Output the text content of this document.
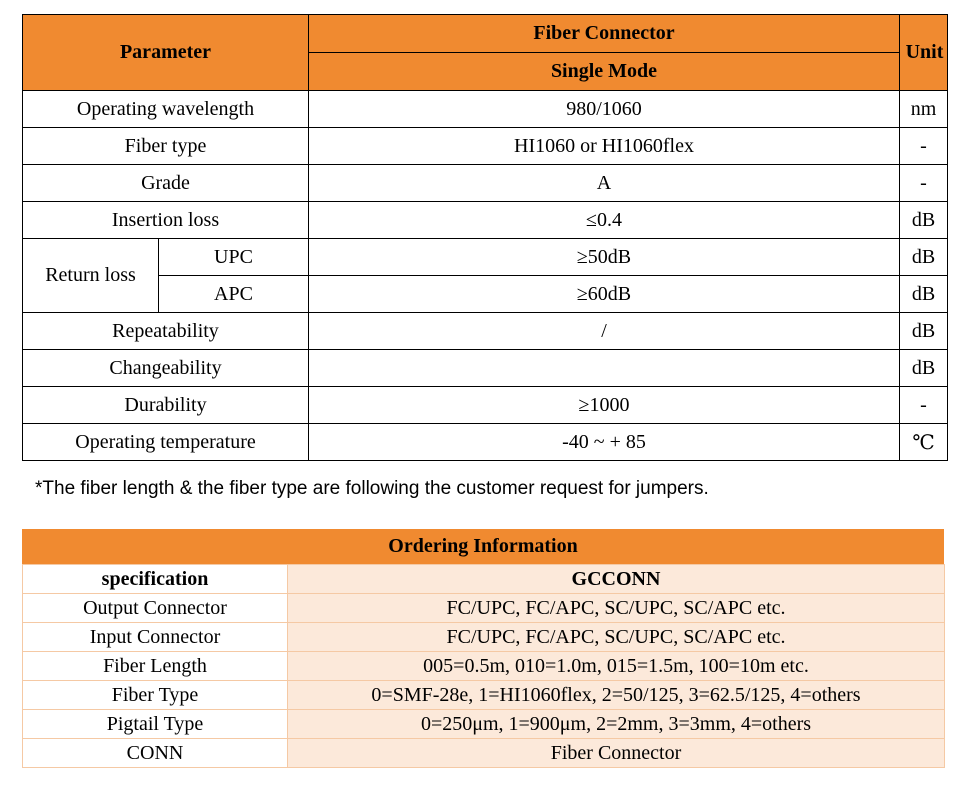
Parameter		Fiber Connector	Unit
		Single Mode	
Operating wavelength		980/1060	nm
Fiber type		HI1060 or HI1060flex	-
Grade		A	-
Insertion loss		≤0.4	dB
Return loss	UPC	≥50dB	dB
	APC	≥60dB	dB
Repeatability		/	dB
Changeability			dB
Durability		≥1000	-
Operating temperature		-40 ~ + 85	℃
*The fiber length & the fiber type are following the customer request for jumpers.
Ordering Information
specification	GCCONN
Output Connector	FC/UPC, FC/APC, SC/UPC, SC/APC etc.
Input Connector	FC/UPC, FC/APC, SC/UPC, SC/APC etc.
Fiber Length	005=0.5m, 010=1.0m, 015=1.5m, 100=10m etc.
Fiber Type	0=SMF-28e, 1=HI1060flex, 2=50/125, 3=62.5/125, 4=others
Pigtail Type	0=250μm, 1=900μm, 2=2mm, 3=3mm, 4=others
CONN	Fiber Connector
